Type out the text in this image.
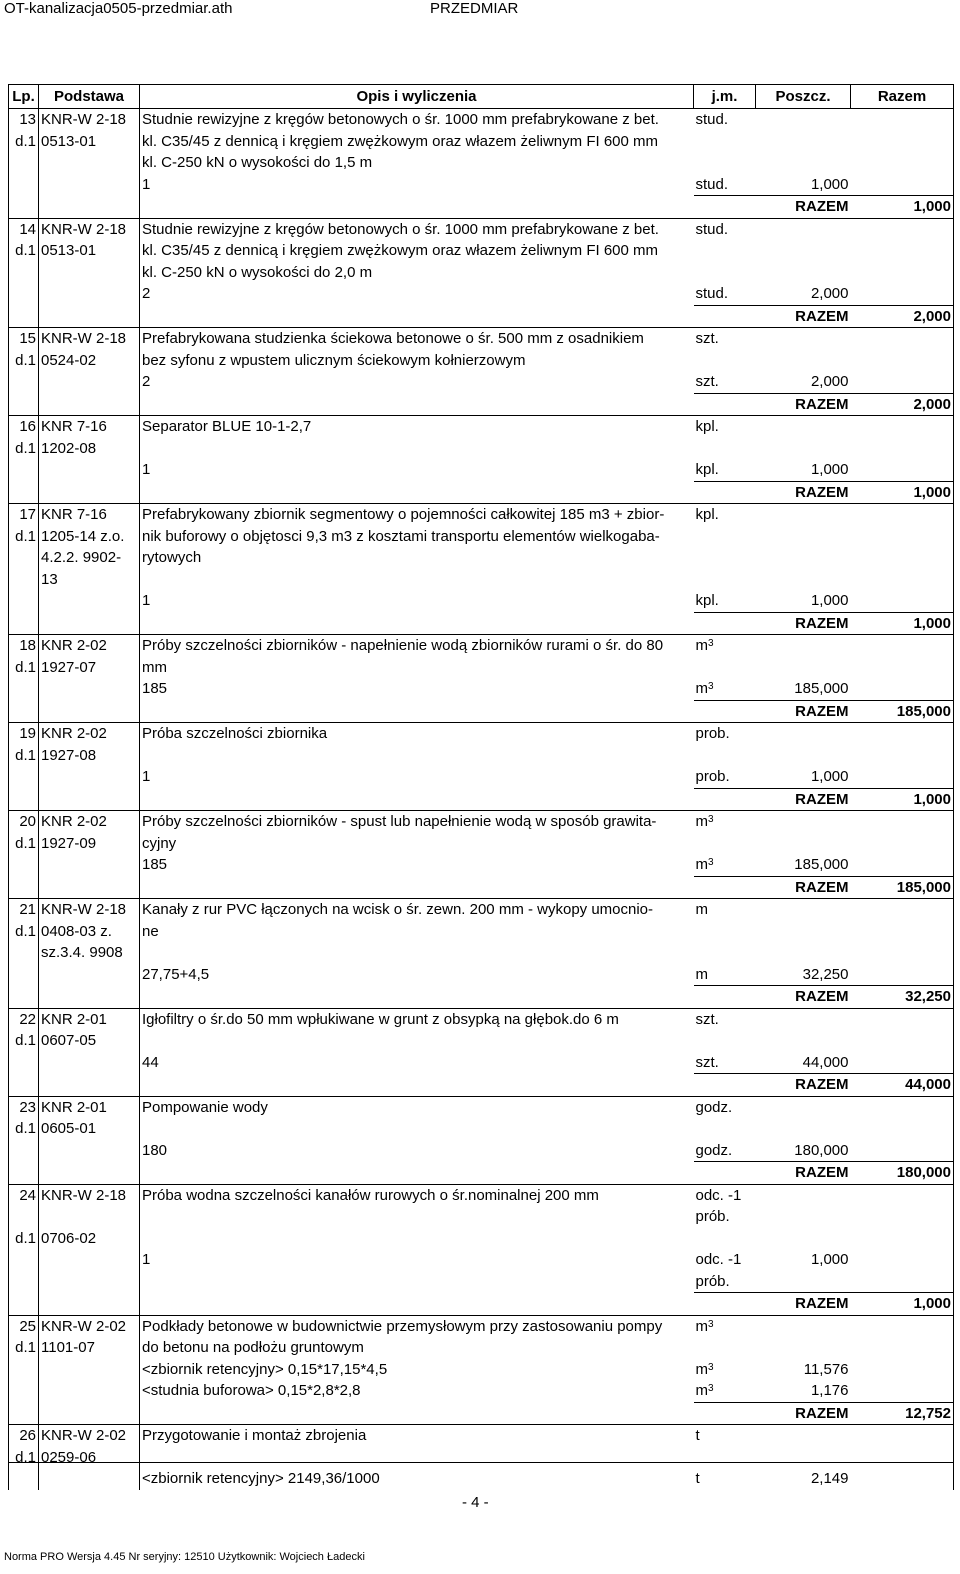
OT-kanalizacja0505-przedmiar.ath	PRZEDMIAR
Lp.	Podstawa	Opis i wyliczenia	j.m.	Poszcz.	Razem
13	KNR-W 2-18	Studnie rewizyjne z kręgów betonowych o śr. 1000 mm prefabrykowane z bet.	stud.		
d.1	0513-01	kl. C35/45 z dennicą i kręgiem zwężkowym oraz włazem żeliwnym FI 600 mm			
		kl. C-250 kN o wysokości do 1,5 m			
		1	stud.	1,000	
				RAZEM	1,000
14	KNR-W 2-18	Studnie rewizyjne z kręgów betonowych o śr. 1000 mm prefabrykowane z bet.	stud.		
d.1	0513-01	kl. C35/45 z dennicą i kręgiem zwężkowym oraz włazem żeliwnym FI 600 mm			
		kl. C-250 kN o wysokości do 2,0 m			
		2	stud.	2,000	
				RAZEM	2,000
15	KNR-W 2-18	Prefabrykowana studzienka ściekowa betonowe o śr. 500 mm z osadnikiem	szt.		
d.1	0524-02	bez syfonu z wpustem ulicznym ściekowym kołnierzowym			
		2	szt.	2,000	
				RAZEM	2,000
16	KNR 7-16	Separator BLUE 10-1-2,7	kpl.		
d.1	1202-08				
		1	kpl.	1,000	
				RAZEM	1,000
17	KNR 7-16	Prefabrykowany zbiornik segmentowy o pojemności całkowitej 185 m3 + zbior-	kpl.		
d.1	1205-14 z.o.	nik buforowy o objętosci 9,3 m3 z kosztami transportu elementów wielkogaba-			
	4.2.2. 9902-	rytowych			
	13				
		1	kpl.	1,000	
				RAZEM	1,000
18	KNR 2-02	Próby szczelności zbiorników - napełnienie wodą zbiorników rurami o śr. do 80	$m^3$		
d.1	1927-07	mm			
		185	$m^3$	185,000	
				RAZEM	185,000
19	KNR 2-02	Próba szczelności zbiornika	prob.		
d.1	1927-08				
		1	prob.	1,000	
				RAZEM	1,000
20	KNR 2-02	Próby szczelności zbiorników - spust lub napełnienie wodą w sposób grawita-	$m^3$		
d.1	1927-09	cyjny			
		185	$m^3$	185,000	
				RAZEM	185,000
21	KNR-W 2-18	Kanały z rur PVC łączonych na wcisk o śr. zewn. 200 mm - wykopy umocnio-	m		
d.1	0408-03 z.	ne			
	sz.3.4. 9908				
		27,75+4,5	m	32,250	
				RAZEM	32,250
22	KNR 2-01	Igłofiltry o śr.do 50 mm wpłukiwane w grunt z obsypką na głębok.do 6 m	szt.		
d.1	0607-05				
		44	szt.	44,000	
				RAZEM	44,000
23	KNR 2-01	Pompowanie wody	godz.		
d.1	0605-01				
		180	godz.	180,000	
				RAZEM	180,000
24	KNR-W 2-18	Próba wodna szczelności kanałów rurowych o śr.nominalnej 200 mm	odc. -1 prób.		
d.1	0706-02				
		1	odc. -1 prób.	1,000	
				RAZEM	1,000
25	KNR-W 2-02	Podkłady betonowe w budownictwie przemysłowym przy zastosowaniu pompy	$m^3$		
d.1	1101-07	do betonu na podłożu gruntowym			
		<zbiornik retencyjny> 0,15*17,15*4,5	$m^3$	11,576	
		<studnia buforowa> 0,15*2,8*2,8	$m^3$	1,176	
				RAZEM	12,752
26	KNR-W 2-02	Przygotowanie i montaż zbrojenia	t		
d.1	0259-06				
		<zbiornik retencyjny> 2149,36/1000	t	2,149	
- 4 -
Norma PRO Wersja 4.45 Nr seryjny: 12510 Użytkownik: Wojciech Ładecki
